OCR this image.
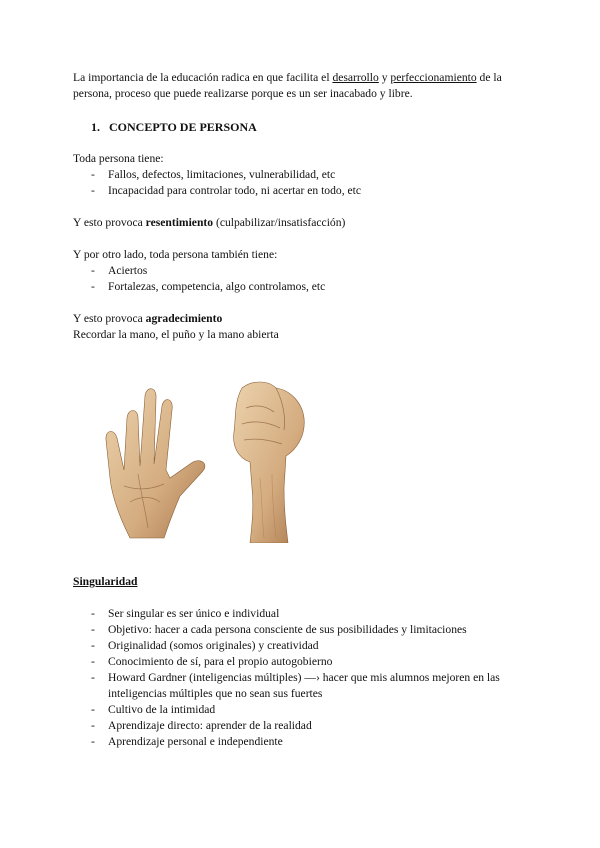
La importancia de la educación radica en que facilita el desarrollo y perfeccionamiento de la persona, proceso que puede realizarse porque es un ser inacabado y libre.

1. CONCEPTO DE PERSONA
Toda persona tiene:
- Fallos, defectos, limitaciones, vulnerabilidad, etc
- Incapacidad para controlar todo, ni acertar en todo, etc
Y esto provoca resentimiento (culpabilizar/insatisfacción)
Y por otro lado, toda persona también tiene:
- Aciertos
- Fortalezas, competencia, algo controlamos, etc
Y esto provoca agradecimiento
Recordar la mano, el puño y la mano abierta
Singularidad
- Ser singular es ser único e individual
- Objetivo: hacer a cada persona consciente de sus posibilidades y limitaciones
- Originalidad (somos originales) y creatividad
- Conocimiento de sí, para el propio autogobierno
- Howard Gardner (inteligencias múltiples) —› hacer que mis alumnos mejoren en las inteligencias múltiples que no sean sus fuertes
- Cultivo de la intimidad
- Aprendizaje directo: aprender de la realidad
- Aprendizaje personal e independiente
